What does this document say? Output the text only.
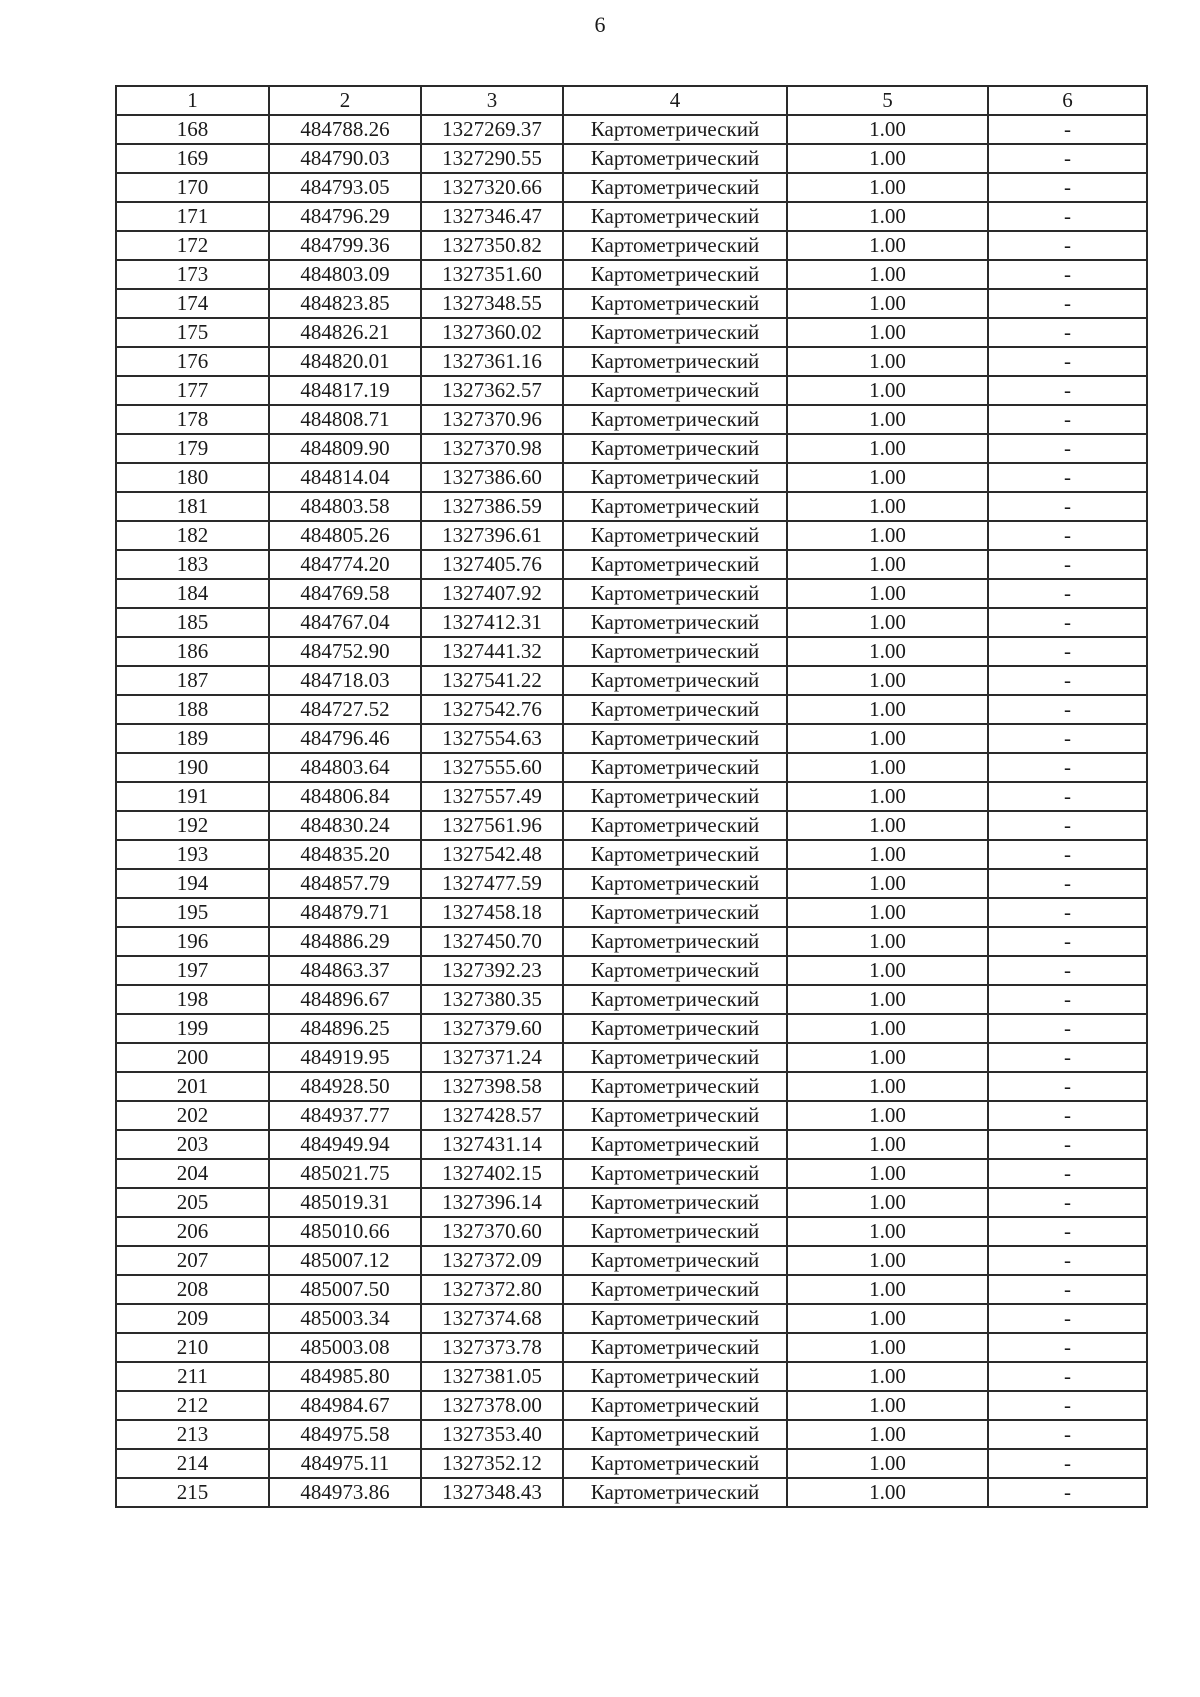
6
1	2	3	4	5	6
168	484788.26	1327269.37	Картометрический	1.00	-
169	484790.03	1327290.55	Картометрический	1.00	-
170	484793.05	1327320.66	Картометрический	1.00	-
171	484796.29	1327346.47	Картометрический	1.00	-
172	484799.36	1327350.82	Картометрический	1.00	-
173	484803.09	1327351.60	Картометрический	1.00	-
174	484823.85	1327348.55	Картометрический	1.00	-
175	484826.21	1327360.02	Картометрический	1.00	-
176	484820.01	1327361.16	Картометрический	1.00	-
177	484817.19	1327362.57	Картометрический	1.00	-
178	484808.71	1327370.96	Картометрический	1.00	-
179	484809.90	1327370.98	Картометрический	1.00	-
180	484814.04	1327386.60	Картометрический	1.00	-
181	484803.58	1327386.59	Картометрический	1.00	-
182	484805.26	1327396.61	Картометрический	1.00	-
183	484774.20	1327405.76	Картометрический	1.00	-
184	484769.58	1327407.92	Картометрический	1.00	-
185	484767.04	1327412.31	Картометрический	1.00	-
186	484752.90	1327441.32	Картометрический	1.00	-
187	484718.03	1327541.22	Картометрический	1.00	-
188	484727.52	1327542.76	Картометрический	1.00	-
189	484796.46	1327554.63	Картометрический	1.00	-
190	484803.64	1327555.60	Картометрический	1.00	-
191	484806.84	1327557.49	Картометрический	1.00	-
192	484830.24	1327561.96	Картометрический	1.00	-
193	484835.20	1327542.48	Картометрический	1.00	-
194	484857.79	1327477.59	Картометрический	1.00	-
195	484879.71	1327458.18	Картометрический	1.00	-
196	484886.29	1327450.70	Картометрический	1.00	-
197	484863.37	1327392.23	Картометрический	1.00	-
198	484896.67	1327380.35	Картометрический	1.00	-
199	484896.25	1327379.60	Картометрический	1.00	-
200	484919.95	1327371.24	Картометрический	1.00	-
201	484928.50	1327398.58	Картометрический	1.00	-
202	484937.77	1327428.57	Картометрический	1.00	-
203	484949.94	1327431.14	Картометрический	1.00	-
204	485021.75	1327402.15	Картометрический	1.00	-
205	485019.31	1327396.14	Картометрический	1.00	-
206	485010.66	1327370.60	Картометрический	1.00	-
207	485007.12	1327372.09	Картометрический	1.00	-
208	485007.50	1327372.80	Картометрический	1.00	-
209	485003.34	1327374.68	Картометрический	1.00	-
210	485003.08	1327373.78	Картометрический	1.00	-
211	484985.80	1327381.05	Картометрический	1.00	-
212	484984.67	1327378.00	Картометрический	1.00	-
213	484975.58	1327353.40	Картометрический	1.00	-
214	484975.11	1327352.12	Картометрический	1.00	-
215	484973.86	1327348.43	Картометрический	1.00	-
